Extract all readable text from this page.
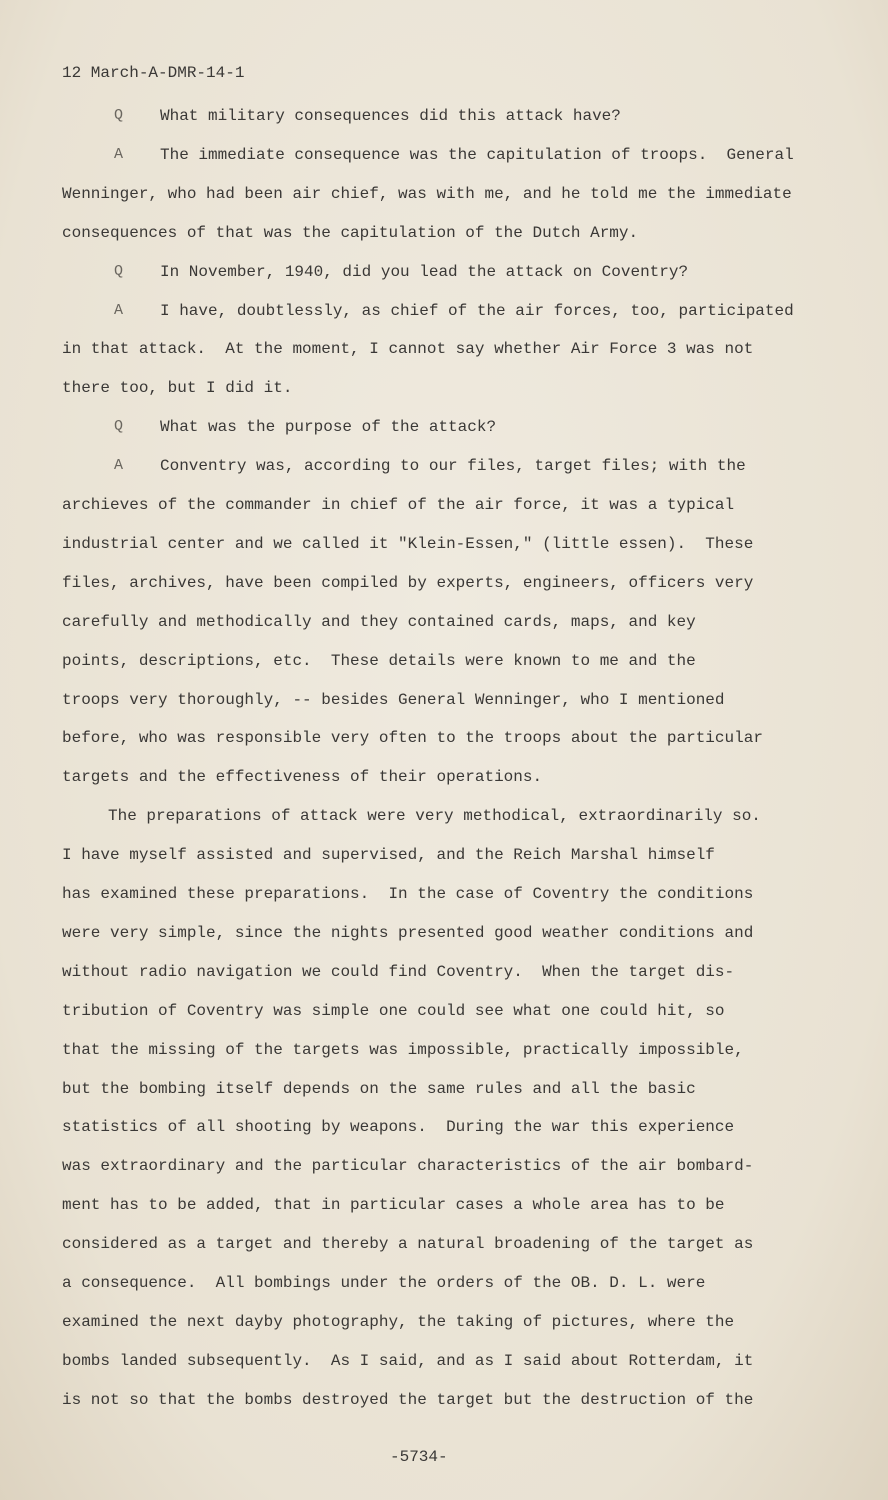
12 March-A-DMR-14-1
Q What military consequences did this attack have?
A The immediate consequence was the capitulation of troops.  General
Wenninger, who had been air chief, was with me, and he told me the immediate
consequences of that was the capitulation of the Dutch Army.
Q In November, 1940, did you lead the attack on Coventry?
A I have, doubtlessly, as chief of the air forces, too, participated
in that attack.  At the moment, I cannot say whether Air Force 3 was not
there too, but I did it.
Q What was the purpose of the attack?
A Conventry was, according to our files, target files; with the
archieves of the commander in chief of the air force, it was a typical
industrial center and we called it "Klein-Essen," (little essen).  These
files, archives, have been compiled by experts, engineers, officers very
carefully and methodically and they contained cards, maps, and key
points, descriptions, etc.  These details were known to me and the
troops very thoroughly, -- besides General Wenninger, who I mentioned
before, who was responsible very often to the troops about the particular
targets and the effectiveness of their operations.
The preparations of attack were very methodical, extraordinarily so.
I have myself assisted and supervised, and the Reich Marshal himself
has examined these preparations.  In the case of Coventry the conditions
were very simple, since the nights presented good weather conditions and
without radio navigation we could find Coventry.  When the target dis-
tribution of Coventry was simple one could see what one could hit, so
that the missing of the targets was impossible, practically impossible,
but the bombing itself depends on the same rules and all the basic
statistics of all shooting by weapons.  During the war this experience
was extraordinary and the particular characteristics of the air bombard-
ment has to be added, that in particular cases a whole area has to be
considered as a target and thereby a natural broadening of the target as
a consequence.  All bombings under the orders of the OB. D. L. were
examined the next dayby photography, the taking of pictures, where the
bombs landed subsequently.  As I said, and as I said about Rotterdam, it
is not so that the bombs destroyed the target but the destruction of the
-5734-
